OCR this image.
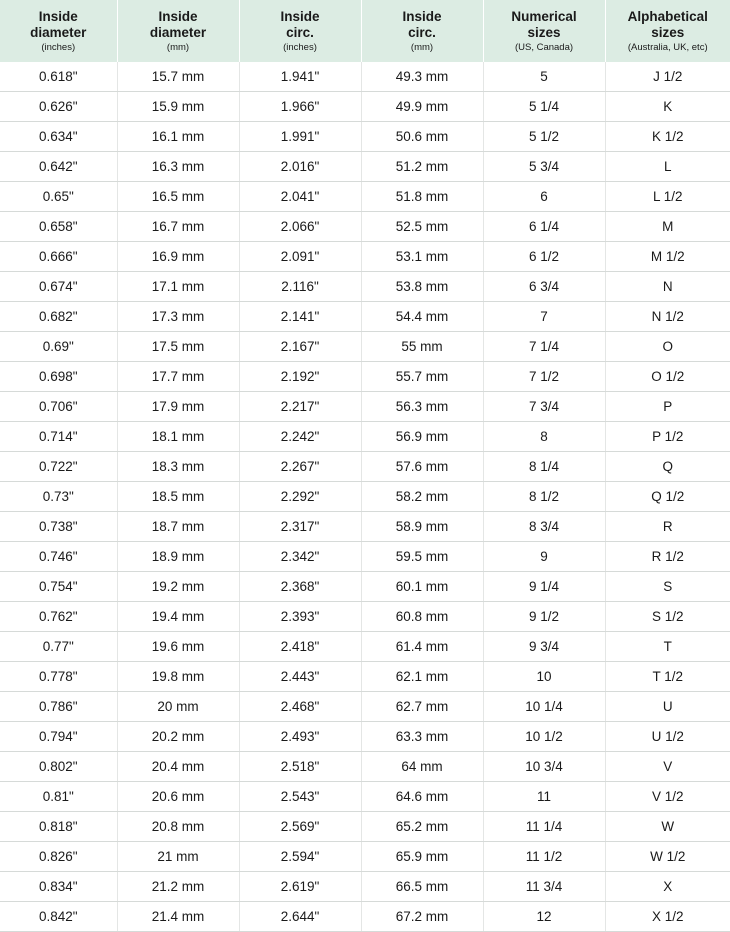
Inside
diameter
(inches)	Inside
diameter
(mm)	Inside
circ.
(inches)	Inside
circ.
(mm)	Numerical
sizes
(US, Canada)	Alphabetical
sizes
(Australia, UK, etc)

0.618"	15.7 mm	1.941"	49.3 mm	5	J 1/2
0.626"	15.9 mm	1.966"	49.9 mm	5 1/4	K
0.634"	16.1 mm	1.991"	50.6 mm	5 1/2	K 1/2
0.642"	16.3 mm	2.016"	51.2 mm	5 3/4	L
0.65"	16.5 mm	2.041"	51.8 mm	6	L 1/2
0.658"	16.7 mm	2.066"	52.5 mm	6 1/4	M
0.666"	16.9 mm	2.091"	53.1 mm	6 1/2	M 1/2
0.674"	17.1 mm	2.116"	53.8 mm	6 3/4	N
0.682"	17.3 mm	2.141"	54.4 mm	7	N 1/2
0.69"	17.5 mm	2.167"	55 mm	7 1/4	O
0.698"	17.7 mm	2.192"	55.7 mm	7 1/2	O 1/2
0.706"	17.9 mm	2.217"	56.3 mm	7 3/4	P
0.714"	18.1 mm	2.242"	56.9 mm	8	P 1/2
0.722"	18.3 mm	2.267"	57.6 mm	8 1/4	Q
0.73"	18.5 mm	2.292"	58.2 mm	8 1/2	Q 1/2
0.738"	18.7 mm	2.317"	58.9 mm	8 3/4	R
0.746"	18.9 mm	2.342"	59.5 mm	9	R 1/2
0.754"	19.2 mm	2.368"	60.1 mm	9 1/4	S
0.762"	19.4 mm	2.393"	60.8 mm	9 1/2	S 1/2
0.77"	19.6 mm	2.418"	61.4 mm	9 3/4	T
0.778"	19.8 mm	2.443"	62.1 mm	10	T 1/2
0.786"	20 mm	2.468"	62.7 mm	10 1/4	U
0.794"	20.2 mm	2.493"	63.3 mm	10 1/2	U 1/2
0.802"	20.4 mm	2.518"	64 mm	10 3/4	V
0.81"	20.6 mm	2.543"	64.6 mm	11	V 1/2
0.818"	20.8 mm	2.569"	65.2 mm	11 1/4	W
0.826"	21 mm	2.594"	65.9 mm	11 1/2	W 1/2
0.834"	21.2 mm	2.619"	66.5 mm	11 3/4	X
0.842"	21.4 mm	2.644"	67.2 mm	12	X 1/2
